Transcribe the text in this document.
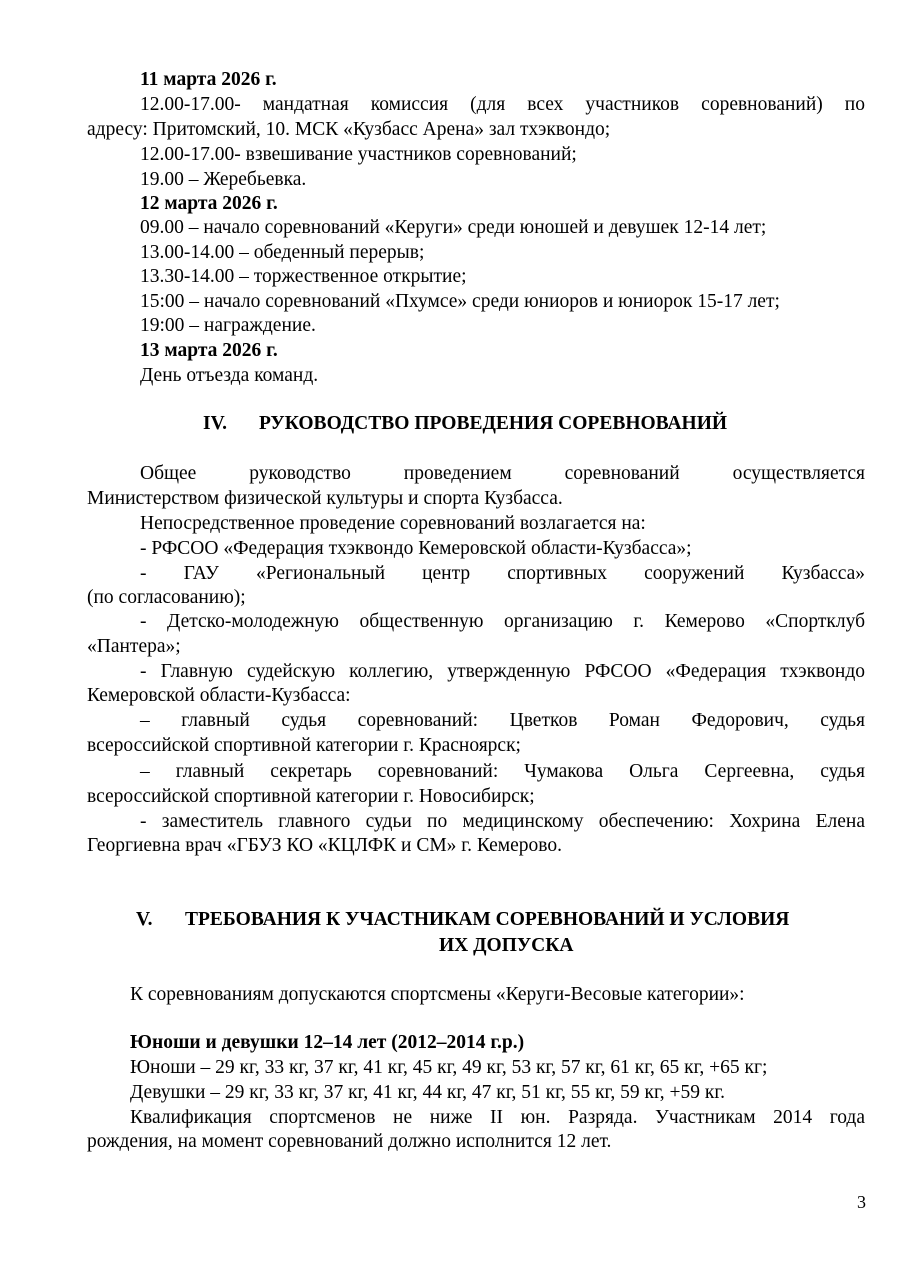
11 марта 2026 г.
12.00-17.00- мандатная комиссия (для всех участников соревнований) по
адресу: Притомский, 10. МСК «Кузбасс Арена» зал тхэквондо;
12.00-17.00- взвешивание участников соревнований;
19.00 – Жеребьевка.
12 марта 2026 г.
09.00 – начало соревнований «Керуги» среди юношей и девушек 12-14 лет;
13.00-14.00 – обеденный перерыв;
13.30-14.00 – торжественное открытие;
15:00 – начало соревнований «Пхумсе» среди юниоров и юниорок 15-17 лет;
19:00 – награждение.
13 марта 2026 г.
День отъезда команд.
IV. РУКОВОДСТВО ПРОВЕДЕНИЯ СОРЕВНОВАНИЙ
Общее руководство проведением соревнований осуществляется
Министерством физической культуры и спорта Кузбасса.
Непосредственное проведение соревнований возлагается на:
- РФСОО «Федерация тхэквондо Кемеровской области-Кузбасса»;
- ГАУ «Региональный центр спортивных сооружений Кузбасса»
(по согласованию);
- Детско-молодежную общественную организацию г. Кемерово «Спортклуб
«Пантера»;
- Главную судейскую коллегию, утвержденную РФСОО «Федерация тхэквондо
Кемеровской области-Кузбасса:
– главный судья соревнований: Цветков Роман Федорович, судья
всероссийской спортивной категории г. Красноярск;
– главный секретарь соревнований: Чумакова Ольга Сергеевна, судья
всероссийской спортивной категории г. Новосибирск;
- заместитель главного судьи по медицинскому обеспечению: Хохрина Елена
Георгиевна врач «ГБУЗ КО «КЦЛФК и СМ» г. Кемерово.
V. ТРЕБОВАНИЯ К УЧАСТНИКАМ СОРЕВНОВАНИЙ И УСЛОВИЯ
ИХ ДОПУСКА
К соревнованиям допускаются спортсмены «Керуги-Весовые категории»:
Юноши и девушки 12–14 лет (2012–2014 г.р.)
Юноши – 29 кг, 33 кг, 37 кг, 41 кг, 45 кг, 49 кг, 53 кг, 57 кг, 61 кг, 65 кг, +65 кг;
Девушки – 29 кг, 33 кг, 37 кг, 41 кг, 44 кг, 47 кг, 51 кг, 55 кг, 59 кг, +59 кг.
Квалификация спортсменов не ниже II юн. Разряда. Участникам 2014 года
рождения, на момент соревнований должно исполнится 12 лет.
3
